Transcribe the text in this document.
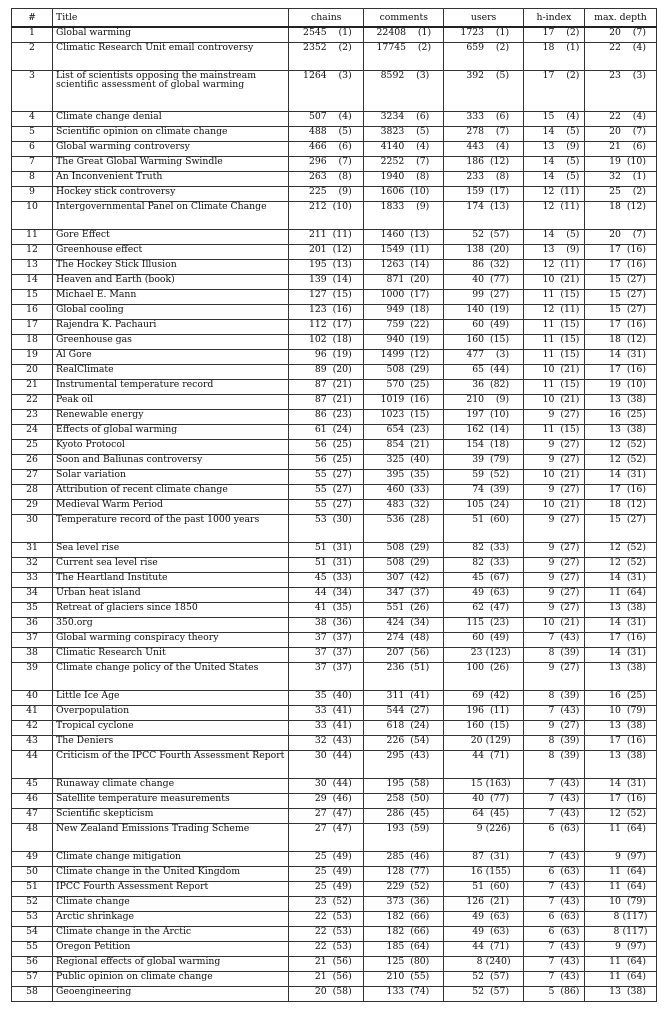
#	Title	chains	comments	users	h-index	max. depth
1	Global warming	2545 (1)	22408 (1)	1723 (1)	17 (2)	20 (7)
2	Climatic Research Unit email controversy	2352 (2)	17745 (2)	659 (2)	18 (1)	22 (4)
3	List of scientists opposing the mainstream scientific assessment of global warming	1264 (3)	8592 (3)	392 (5)	17 (2)	23 (3)
4	Climate change denial	507 (4)	3234 (6)	333 (6)	15 (4)	22 (4)
5	Scientific opinion on climate change	488 (5)	3823 (5)	278 (7)	14 (5)	20 (7)
6	Global warming controversy	466 (6)	4140 (4)	443 (4)	13 (9)	21 (6)
7	The Great Global Warming Swindle	296 (7)	2252 (7)	186 (12)	14 (5)	19 (10)
8	An Inconvenient Truth	263 (8)	1940 (8)	233 (8)	14 (5)	32 (1)
9	Hockey stick controversy	225 (9)	1606 (10)	159 (17)	12 (11)	25 (2)
10	Intergovernmental Panel on Climate Change	212 (10)	1833 (9)	174 (13)	12 (11)	18 (12)
11	Gore Effect	211 (11)	1460 (13)	52 (57)	14 (5)	20 (7)
12	Greenhouse effect	201 (12)	1549 (11)	138 (20)	13 (9)	17 (16)
13	The Hockey Stick Illusion	195 (13)	1263 (14)	86 (32)	12 (11)	17 (16)
14	Heaven and Earth (book)	139 (14)	871 (20)	40 (77)	10 (21)	15 (27)
15	Michael E. Mann	127 (15)	1000 (17)	99 (27)	11 (15)	15 (27)
16	Global cooling	123 (16)	949 (18)	140 (19)	12 (11)	15 (27)
17	Rajendra K. Pachauri	112 (17)	759 (22)	60 (49)	11 (15)	17 (16)
18	Greenhouse gas	102 (18)	940 (19)	160 (15)	11 (15)	18 (12)
19	Al Gore	96 (19)	1499 (12)	477 (3)	11 (15)	14 (31)
20	RealClimate	89 (20)	508 (29)	65 (44)	10 (21)	17 (16)
21	Instrumental temperature record	87 (21)	570 (25)	36 (82)	11 (15)	19 (10)
22	Peak oil	87 (21)	1019 (16)	210 (9)	10 (21)	13 (38)
23	Renewable energy	86 (23)	1023 (15)	197 (10)	9 (27)	16 (25)
24	Effects of global warming	61 (24)	654 (23)	162 (14)	11 (15)	13 (38)
25	Kyoto Protocol	56 (25)	854 (21)	154 (18)	9 (27)	12 (52)
26	Soon and Baliunas controversy	56 (25)	325 (40)	39 (79)	9 (27)	12 (52)
27	Solar variation	55 (27)	395 (35)	59 (52)	10 (21)	14 (31)
28	Attribution of recent climate change	55 (27)	460 (33)	74 (39)	9 (27)	17 (16)
29	Medieval Warm Period	55 (27)	483 (32)	105 (24)	10 (21)	18 (12)
30	Temperature record of the past 1000 years	53 (30)	536 (28)	51 (60)	9 (27)	15 (27)
31	Sea level rise	51 (31)	508 (29)	82 (33)	9 (27)	12 (52)
32	Current sea level rise	51 (31)	508 (29)	82 (33)	9 (27)	12 (52)
33	The Heartland Institute	45 (33)	307 (42)	45 (67)	9 (27)	14 (31)
34	Urban heat island	44 (34)	347 (37)	49 (63)	9 (27)	11 (64)
35	Retreat of glaciers since 1850	41 (35)	551 (26)	62 (47)	9 (27)	13 (38)
36	350.org	38 (36)	424 (34)	115 (23)	10 (21)	14 (31)
37	Global warming conspiracy theory	37 (37)	274 (48)	60 (49)	7 (43)	17 (16)
38	Climatic Research Unit	37 (37)	207 (56)	23 (123)	8 (39)	14 (31)
39	Climate change policy of the United States	37 (37)	236 (51)	100 (26)	9 (27)	13 (38)
40	Little Ice Age	35 (40)	311 (41)	69 (42)	8 (39)	16 (25)
41	Overpopulation	33 (41)	544 (27)	196 (11)	7 (43)	10 (79)
42	Tropical cyclone	33 (41)	618 (24)	160 (15)	9 (27)	13 (38)
43	The Deniers	32 (43)	226 (54)	20 (129)	8 (39)	17 (16)
44	Criticism of the IPCC Fourth Assessment Report	30 (44)	295 (43)	44 (71)	8 (39)	13 (38)
45	Runaway climate change	30 (44)	195 (58)	15 (163)	7 (43)	14 (31)
46	Satellite temperature measurements	29 (46)	258 (50)	40 (77)	7 (43)	17 (16)
47	Scientific skepticism	27 (47)	286 (45)	64 (45)	7 (43)	12 (52)
48	New Zealand Emissions Trading Scheme	27 (47)	193 (59)	9 (226)	6 (63)	11 (64)
49	Climate change mitigation	25 (49)	285 (46)	87 (31)	7 (43)	9 (97)
50	Climate change in the United Kingdom	25 (49)	128 (77)	16 (155)	6 (63)	11 (64)
51	IPCC Fourth Assessment Report	25 (49)	229 (52)	51 (60)	7 (43)	11 (64)
52	Climate change	23 (52)	373 (36)	126 (21)	7 (43)	10 (79)
53	Arctic shrinkage	22 (53)	182 (66)	49 (63)	6 (63)	8 (117)
54	Climate change in the Arctic	22 (53)	182 (66)	49 (63)	6 (63)	8 (117)
55	Oregon Petition	22 (53)	185 (64)	44 (71)	7 (43)	9 (97)
56	Regional effects of global warming	21 (56)	125 (80)	8 (240)	7 (43)	11 (64)
57	Public opinion on climate change	21 (56)	210 (55)	52 (57)	7 (43)	11 (64)
58	Geoengineering	20 (58)	133 (74)	52 (57)	5 (86)	13 (38)
